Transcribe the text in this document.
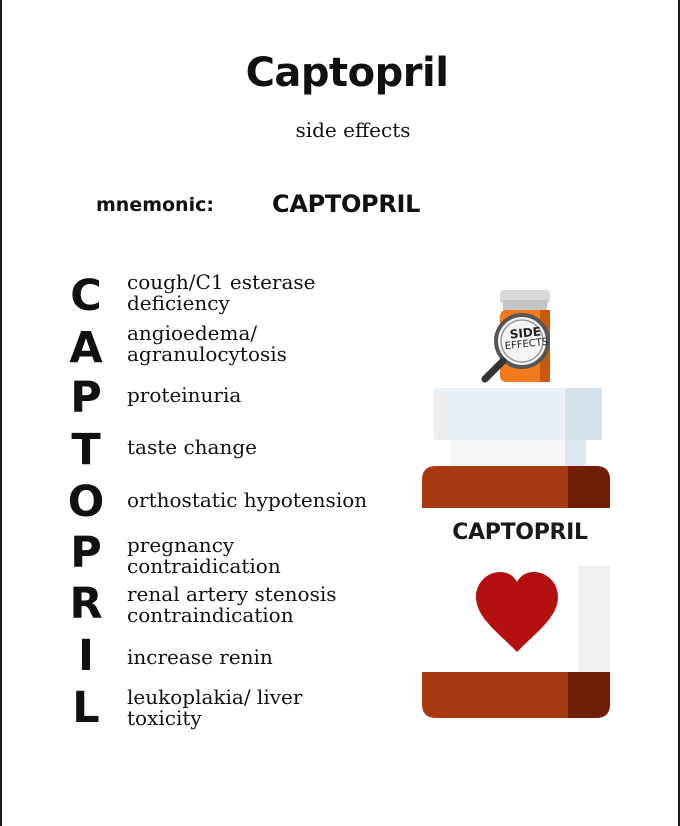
Captopril
side effects
mnemonic: CAPTOPRIL
C
A
P
T
O
P
R
I
L
cough/C1 esterase
deficiency
angioedema/
agranulocytosis
proteinuria
taste change
orthostatic hypotension
pregnancy
contraidication
renal artery stenosis
contraindication
increase renin
leukoplakia/ liver
toxicity
SIDE
EFFECTS
CAPTOPRIL
